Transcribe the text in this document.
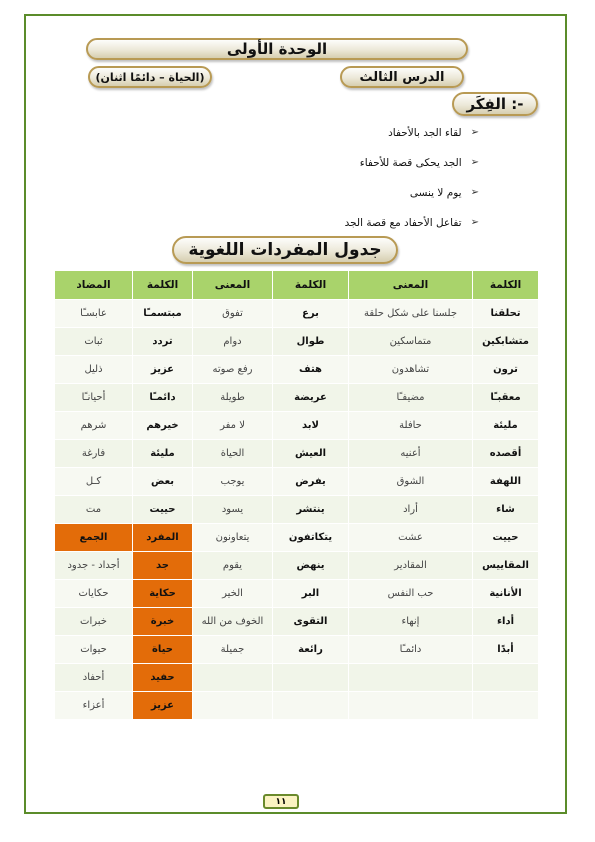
الوحدة الأولى
الدرس الثالث
(الحياة – دائمًا اثنان)
الفِكَر :-
➢
لقاء الجد بالأحفاد
➢
الجد يحكى قصة للأحفاء
➢
يوم لا ينسى
➢
تفاعل الأحفاد مع قصة الجد
جدول المفردات اللغوية
الكلمة	المعنى	الكلمة	المعنى	الكلمة	المضاد
تحلقنا	جلسنا على شكل حلقة	برع	تفوق	مبتسمـًا	عابسـًا
متشابكين	متماسكين	طوال	دوام	تردد	ثبات
ترون	تشاهدون	هتف	رفع صوته	عزيز	ذليل
معقبـًا	مضيفـًا	عريضة	طويلة	دائمـًا	أحيانـًا
مليئة	حافلة	لابد	لا مفر	خيرهم	شرهم
أقصده	أعنيه	العيش	الحياة	مليئة	فارغة
اللهفة	الشوق	يفرض	يوجب	بعض	كـل
شاء	أراد	ينتشر	يسود	حييت	مت
حييت	عشت	يتكاتفون	يتعاونون	المفرد	الجمع
المقاييس	المقادير	ينهض	يقوم	جد	أجداد - جدود
الأنانية	حب النفس	البر	الخير	حكاية	حكايات
أداء	إنهاء	التقوى	الخوف من الله	خبرة	خبرات
أبدًا	دائمـًا	رائعة	جميلة	حياة	حيوات
				حفيد	أحفاد
				عزيز	أعزاء
١١
